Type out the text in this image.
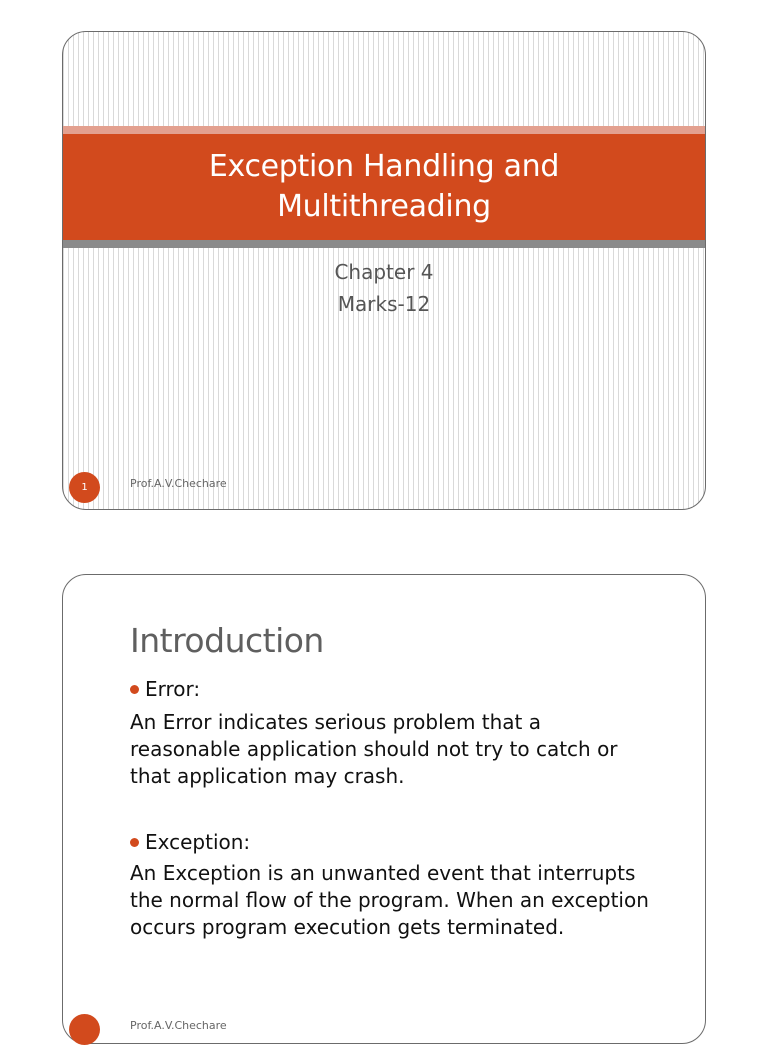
Exception Handling and
Multithreading
Chapter 4
Marks-12
1	Prof.A.V.Chechare
Introduction
Error:

An Error indicates serious problem that a
reasonable application should not try to catch or
that application may crash.

Exception:

An Exception is an unwanted event that interrupts
the normal flow of the program. When an exception
occurs program execution gets terminated.

Prof.A.V.Chechare
